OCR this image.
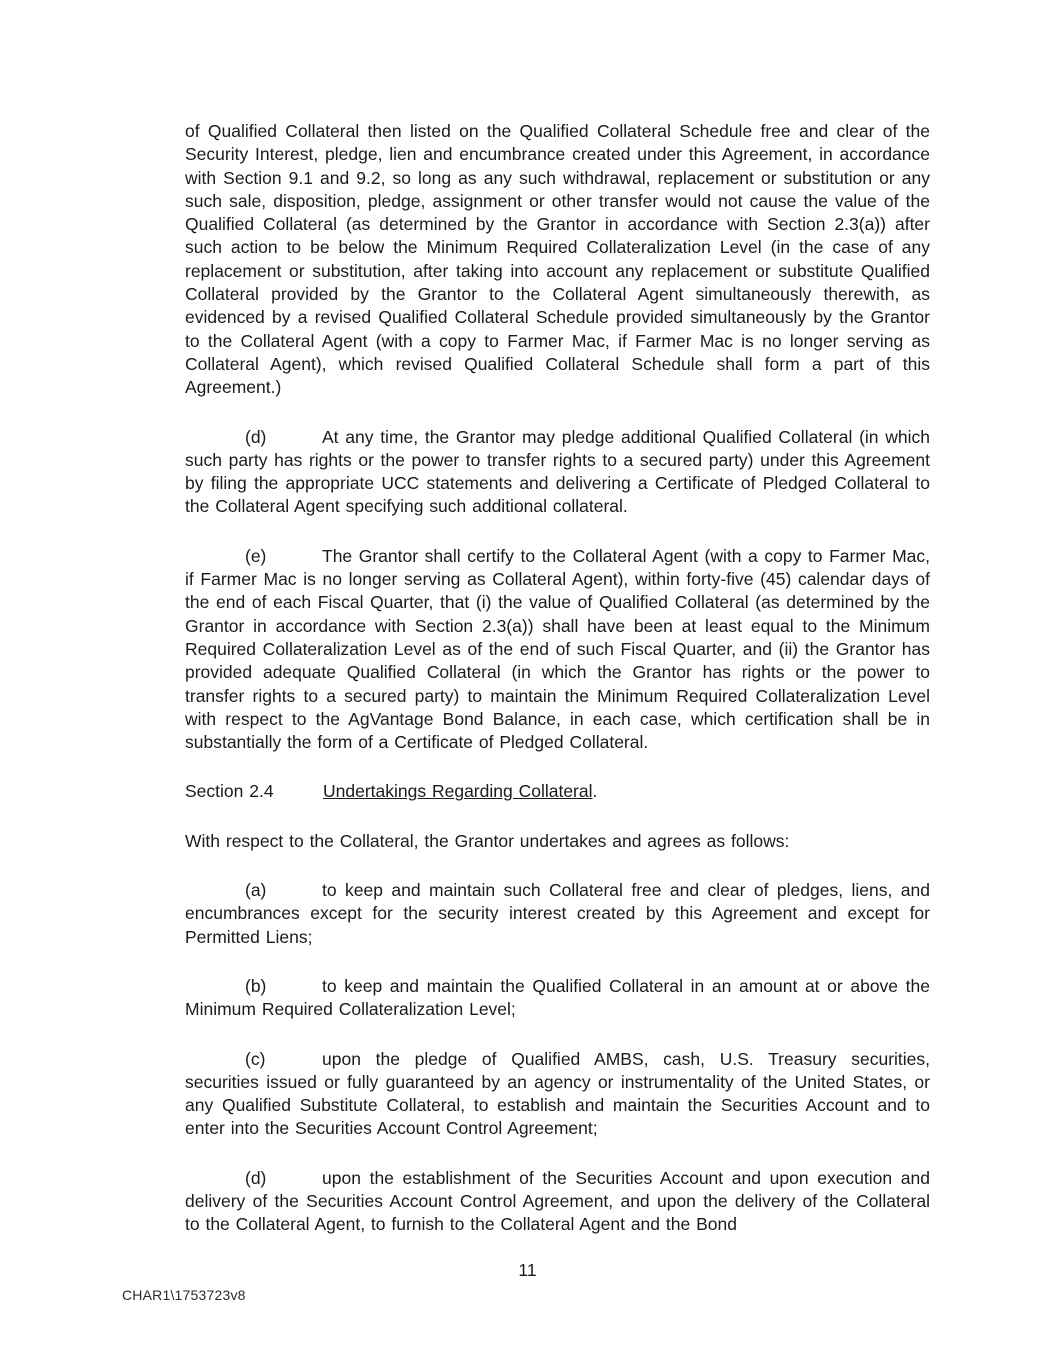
of Qualified Collateral then listed on the Qualified Collateral Schedule free and clear of the Security Interest, pledge, lien and encumbrance created under this Agreement, in accordance with Section 9.1 and 9.2, so long as any such withdrawal, replacement or substitution or any such sale, disposition, pledge, assignment or other transfer would not cause the value of the Qualified Collateral (as determined by the Grantor in accordance with Section 2.3(a)) after such action to be below the Minimum Required Collateralization Level (in the case of any replacement or substitution, after taking into account any replacement or substitute Qualified Collateral provided by the Grantor to the Collateral Agent simultaneously therewith, as evidenced by a revised Qualified Collateral Schedule provided simultaneously by the Grantor to the Collateral Agent (with a copy to Farmer Mac, if Farmer Mac is no longer serving as Collateral Agent), which revised Qualified Collateral Schedule shall form a part of this Agreement.)

(d)	At any time, the Grantor may pledge additional Qualified Collateral (in which such party has rights or the power to transfer rights to a secured party) under this Agreement by filing the appropriate UCC statements and delivering a Certificate of Pledged Collateral to the Collateral Agent specifying such additional collateral.

(e)	The Grantor shall certify to the Collateral Agent (with a copy to Farmer Mac, if Farmer Mac is no longer serving as Collateral Agent), within forty-five (45) calendar days of the end of each Fiscal Quarter, that (i) the value of Qualified Collateral (as determined by the Grantor in accordance with Section 2.3(a)) shall have been at least equal to the Minimum Required Collateralization Level as of the end of such Fiscal Quarter, and (ii) the Grantor has provided adequate Qualified Collateral (in which the Grantor has rights or the power to transfer rights to a secured party) to maintain the Minimum Required Collateralization Level with respect to the AgVantage Bond Balance, in each case, which certification shall be in substantially the form of a Certificate of Pledged Collateral.

Section 2.4	Undertakings Regarding Collateral.

With respect to the Collateral, the Grantor undertakes and agrees as follows:

(a)	to keep and maintain such Collateral free and clear of pledges, liens, and encumbrances except for the security interest created by this Agreement and except for Permitted Liens;

(b)	to keep and maintain the Qualified Collateral in an amount at or above the Minimum Required Collateralization Level;

(c)	upon the pledge of Qualified AMBS, cash, U.S. Treasury securities, securities issued or fully guaranteed by an agency or instrumentality of the United States, or any Qualified Substitute Collateral, to establish and maintain the Securities Account and to enter into the Securities Account Control Agreement;

(d)	upon the establishment of the Securities Account and upon execution and delivery of the Securities Account Control Agreement, and upon the delivery of the Collateral to the Collateral Agent, to furnish to the Collateral Agent and the Bond

11
CHAR1\1753723v8
